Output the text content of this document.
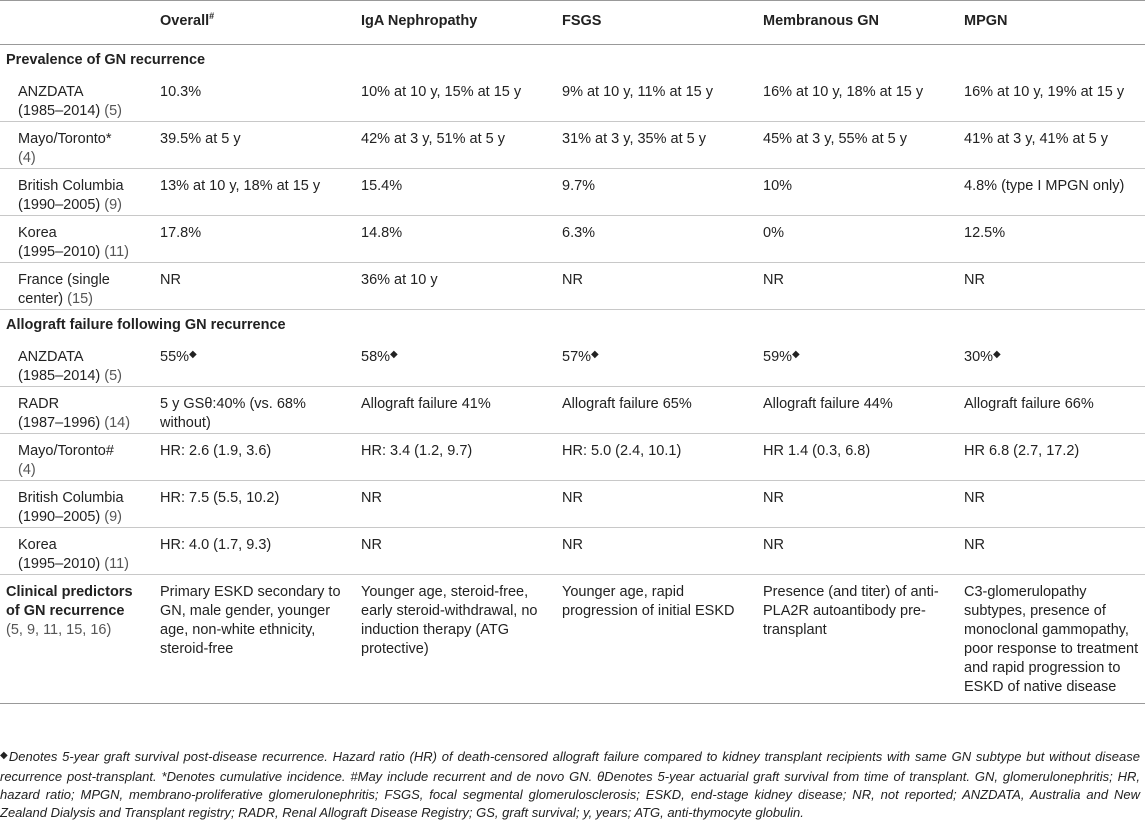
	Overall#	IgA Nephropathy	FSGS	Membranous GN	MPGN
Prevalence of GN recurrence					
ANZDATA
(1985–2014) (5)	10.3%	10% at 10 y, 15% at 15 y	9% at 10 y, 11% at 15 y	16% at 10 y, 18% at 15 y	16% at 10 y, 19% at 15 y
Mayo/Toronto*
(4)	39.5% at 5 y	42% at 3 y, 51% at 5 y	31% at 3 y, 35% at 5 y	45% at 3 y, 55% at 5 y	41% at 3 y, 41% at 5 y
British Columbia
(1990–2005) (9)	13% at 10 y, 18% at 15 y	15.4%	9.7%	10%	4.8% (type I MPGN only)
Korea
(1995–2010) (11)	17.8%	14.8%	6.3%	0%	12.5%
France (single
center) (15)	NR	36% at 10 y	NR	NR	NR
Allograft failure following GN recurrence					
ANZDATA
(1985–2014) (5)	55%◆	58%◆	57%◆	59%◆	30%◆
RADR
(1987–1996) (14)	5 y GSθ:40% (vs. 68% without)	Allograft failure 41%	Allograft failure 65%	Allograft failure 44%	Allograft failure 66%
Mayo/Toronto#
(4)	HR: 2.6 (1.9, 3.6)	HR: 3.4 (1.2, 9.7)	HR: 5.0 (2.4, 10.1)	HR 1.4 (0.3, 6.8)	HR 6.8 (2.7, 17.2)
British Columbia
(1990–2005) (9)	HR: 7.5 (5.5, 10.2)	NR	NR	NR	NR
Korea
(1995–2010) (11)	HR: 4.0 (1.7, 9.3)	NR	NR	NR	NR

Clinical predictors of GN recurrence
(5, 9, 11, 15, 16)	Primary ESKD secondary to GN, male gender, younger age, non-white ethnicity, steroid-free	Younger age, steroid-free, early steroid-withdrawal, no induction therapy (ATG protective)	Younger age, rapid progression of initial ESKD	Presence (and titer) of anti-PLA2R autoantibody pre-transplant	C3-glomerulopathy subtypes, presence of monoclonal gammopathy, poor response to treatment and rapid progression to ESKD of native disease
◆Denotes 5-year graft survival post-disease recurrence. Hazard ratio (HR) of death-censored allograft failure compared to kidney transplant recipients with same GN subtype but without disease recurrence post-transplant. *Denotes cumulative incidence. #May include recurrent and de novo GN. θDenotes 5-year actuarial graft survival from time of transplant. GN, glomerulonephritis; HR, hazard ratio; MPGN, membrano-proliferative glomerulonephritis; FSGS, focal segmental glomerulosclerosis; ESKD, end-stage kidney disease; NR, not reported; ANZDATA, Australia and New Zealand Dialysis and Transplant registry; RADR, Renal Allograft Disease Registry; GS, graft survival; y, years; ATG, anti-thymocyte globulin.
